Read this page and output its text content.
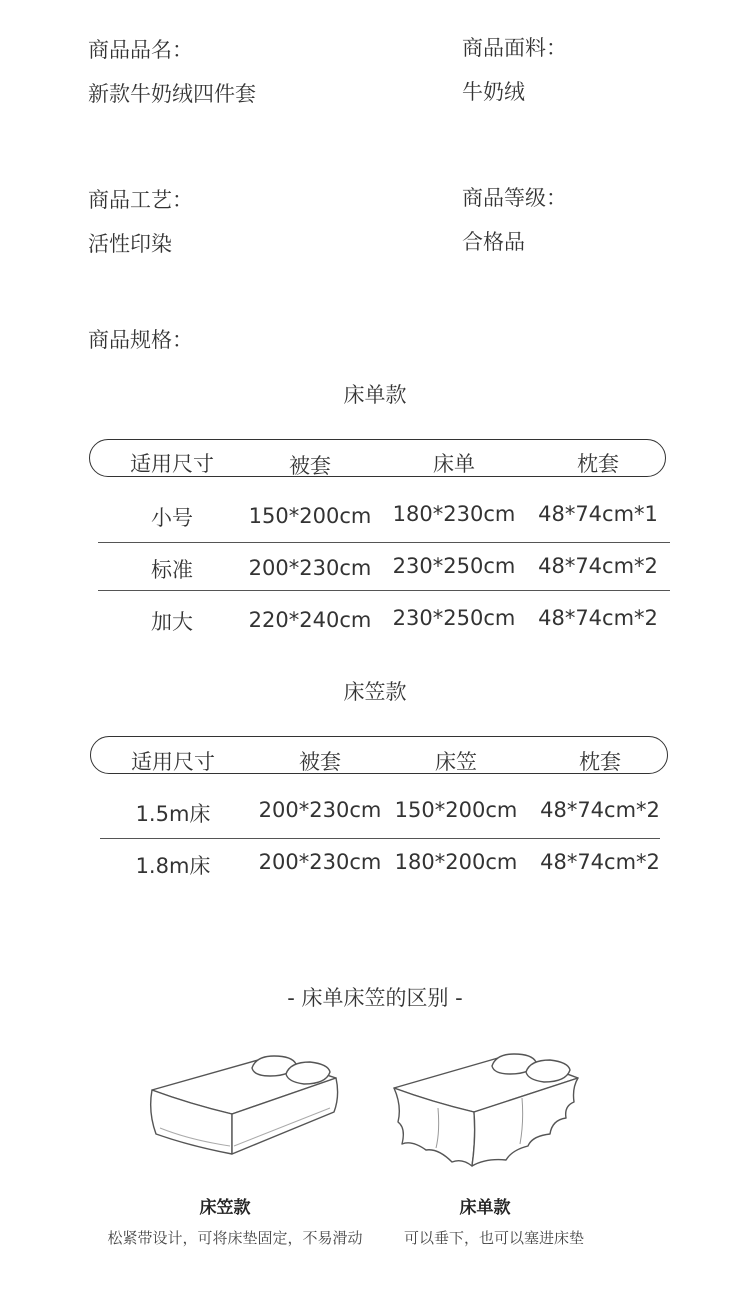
商品品名：
新款牛奶绒四件套
商品面料：
牛奶绒
商品工艺：
活性印染
商品等级：
合格品
商品规格：
床单款
适用尺寸	被套	床单	枕套
小号	150*200cm	180*230cm	48*74cm*1
标准	200*230cm	230*250cm	48*74cm*2
加大	220*240cm	230*250cm	48*74cm*2
床笠款
适用尺寸	被套	床笠	枕套
1.5m床	200*230cm 150*200cm	48*74cm*2
1.8m床	200*230cm 180*200cm	48*74cm*2
- 床单床笠的区别 -
床笠款
松紧带设计，可将床垫固定，不易滑动
床单款
可以垂下，也可以塞进床垫
